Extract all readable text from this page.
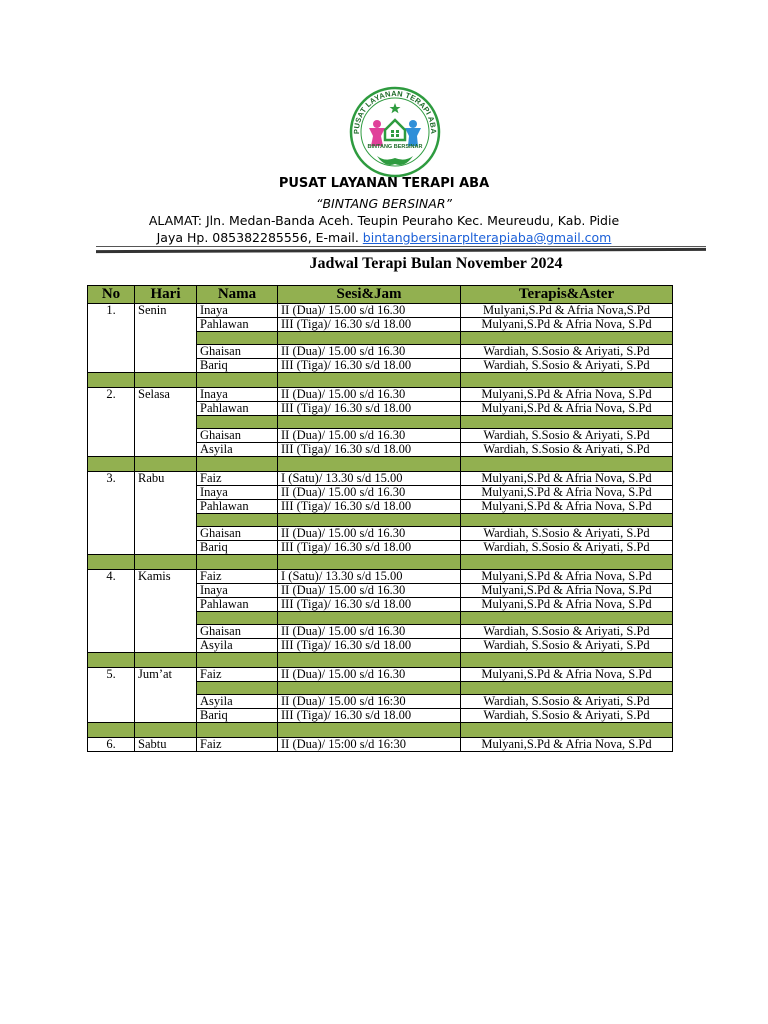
PUSAT LAYANAN TERAPI ABA
BINTANG BERSINAR
PUSAT LAYANAN TERAPI ABA
“BINTANG BERSINAR”
ALAMAT: Jln. Medan-Banda Aceh. Teupin Peuraho Kec. Meureudu, Kab. Pidie
Jaya Hp. 085382285556, E-mail. bintangbersinarplterapiaba@gmail.com
Jadwal Terapi Bulan November 2024
No	Hari	Nama	Sesi&Jam	Terapis&Aster
1.	Senin	Inaya	II (Dua)/ 15.00 s/d 16.30	Mulyani,S.Pd & Afria Nova,S.Pd
		Pahlawan	III (Tiga)/ 16.30 s/d 18.00	Mulyani,S.Pd & Afria Nova, S.Pd

		Ghaisan	II (Dua)/ 15.00 s/d 16.30	Wardiah, S.Sosio & Ariyati, S.Pd
		Bariq	III (Tiga)/ 16.30 s/d 18.00	Wardiah, S.Sosio & Ariyati, S.Pd

2.	Selasa	Inaya	II (Dua)/ 15.00 s/d 16.30	Mulyani,S.Pd & Afria Nova, S.Pd
		Pahlawan	III (Tiga)/ 16.30 s/d 18.00	Mulyani,S.Pd & Afria Nova, S.Pd

		Ghaisan	II (Dua)/ 15.00 s/d 16.30	Wardiah, S.Sosio & Ariyati, S.Pd
		Asyila	III (Tiga)/ 16.30 s/d 18.00	Wardiah, S.Sosio & Ariyati, S.Pd

3.	Rabu	Faiz	I (Satu)/ 13.30 s/d 15.00	Mulyani,S.Pd & Afria Nova, S.Pd
		Inaya	II (Dua)/ 15.00 s/d 16.30	Mulyani,S.Pd & Afria Nova, S.Pd
		Pahlawan	III (Tiga)/ 16.30 s/d 18.00	Mulyani,S.Pd & Afria Nova, S.Pd

		Ghaisan	II (Dua)/ 15.00 s/d 16.30	Wardiah, S.Sosio & Ariyati, S.Pd
		Bariq	III (Tiga)/ 16.30 s/d 18.00	Wardiah, S.Sosio & Ariyati, S.Pd

4.	Kamis	Faiz	I (Satu)/ 13.30 s/d 15.00	Mulyani,S.Pd & Afria Nova, S.Pd
		Inaya	II (Dua)/ 15.00 s/d 16.30	Mulyani,S.Pd & Afria Nova, S.Pd
		Pahlawan	III (Tiga)/ 16.30 s/d 18.00	Mulyani,S.Pd & Afria Nova, S.Pd

		Ghaisan	II (Dua)/ 15.00 s/d 16.30	Wardiah, S.Sosio & Ariyati, S.Pd
		Asyila	III (Tiga)/ 16.30 s/d 18.00	Wardiah, S.Sosio & Ariyati, S.Pd

5.	Jum’at	Faiz	II (Dua)/ 15.00 s/d 16.30	Mulyani,S.Pd & Afria Nova, S.Pd

		Asyila	II (Dua)/ 15.00 s/d 16:30	Wardiah, S.Sosio & Ariyati, S.Pd
		Bariq	III (Tiga)/ 16.30 s/d 18.00	Wardiah, S.Sosio & Ariyati, S.Pd

6.	Sabtu	Faiz	II (Dua)/ 15:00 s/d 16:30	Mulyani,S.Pd & Afria Nova, S.Pd
